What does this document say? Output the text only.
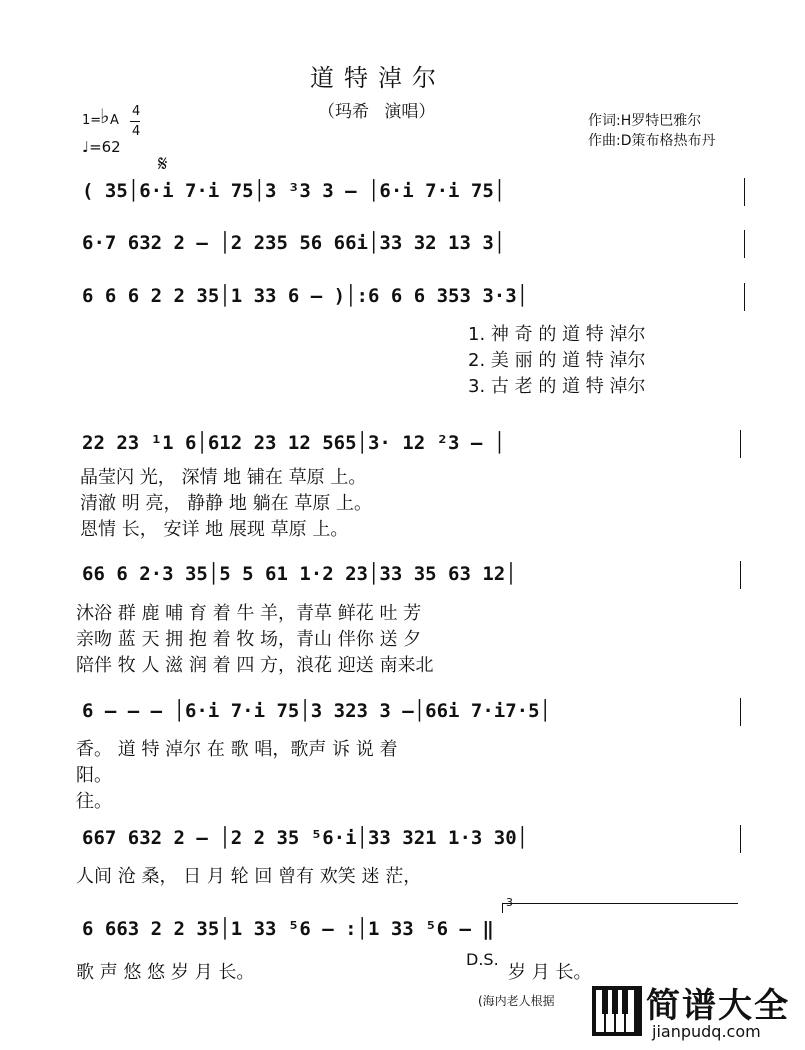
道特淖尔
（玛希 演唱）	作词:H罗特巴雅尔
作曲:D策布格热布丹
1=
♭ A
4
4
♩=62
𝄋
( 35│6·i 7·i 75│3 ³3 3 – │6·i 7·i 75│
6·7 632 2 – │2 235 56 66i│33 32 13 3│
6 6 6 2 2 35│1 33 6 – )│:6 6 6 353 3·3│
1. 神 奇 的 道 特 淖尔
2. 美 丽 的 道 特 淖尔
3. 古 老 的 道 特 淖尔
22 23 ¹1 6│612 23 12 565│3· 12 ²3 – │
晶莹闪 光， 深情 地 铺在 草原 上。
清澈 明 亮， 静静 地 躺在 草原 上。
恩情 长， 安详 地 展现 草原 上。
66 6 2·3 35│5 5 61 1·2 23│33 35 63 12│
沐浴 群 鹿 哺 育 着 牛 羊，青草 鲜花 吐 芳
亲吻 蓝 天 拥 抱 着 牧 场，青山 伴你 送 夕
陪伴 牧 人 滋 润 着 四 方，浪花 迎送 南来北
6 – – – │6·i 7·i 75│3 323 3 –│66i 7·i7·5│
香。 道 特 淖尔 在 歌 唱，歌声 诉 说 着
阳。
往。
667 632 2 – │2 2 35 ⁵6·i│33 321 1·3 30│
人间 沧 桑， 日 月 轮 回 曾有 欢笑 迷 茫，
6 663 2 2 35│1 33 ⁵6 – :│1 33 ⁵6 – ‖
歌 声 悠 悠 岁 月 长。
D.S.
岁 月 长。
(海内老人根据	简谱大全
jianpudq.com
